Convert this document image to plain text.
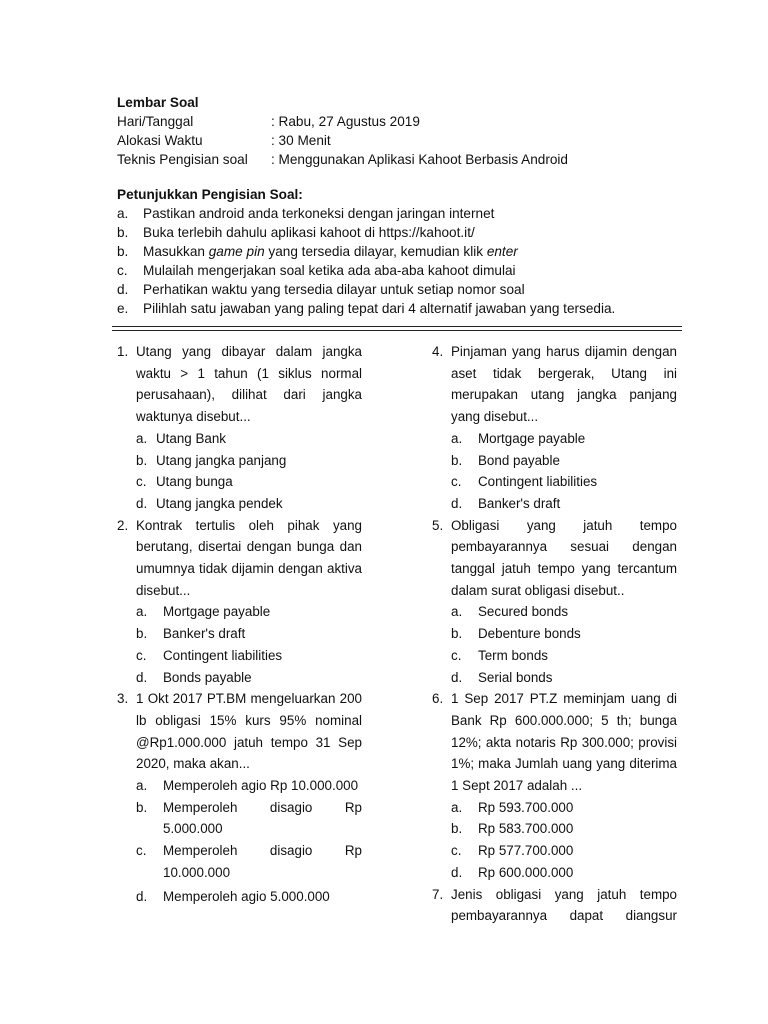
Lembar Soal
Hari/Tanggal	: Rabu, 27 Agustus 2019
Alokasi Waktu	: 30 Menit
Teknis Pengisian soal	: Menggunakan Aplikasi Kahoot Berbasis Android
Petunjukkan Pengisian Soal:
a.	Pastikan android anda terkoneksi dengan jaringan internet
b.	Buka terlebih dahulu aplikasi kahoot di https://kahoot.it/
b.	Masukkan game pin yang tersedia dilayar, kemudian klik enter
c.	Mulailah mengerjakan soal ketika ada aba-aba kahoot dimulai
d.	Perhatikan waktu yang tersedia dilayar untuk setiap nomor soal
e.	Pilihlah satu jawaban yang paling tepat dari 4 alternatif jawaban yang tersedia.
1. Utang yang dibayar dalam jangka waktu > 1 tahun (1 siklus normal perusahaan), dilihat dari jangka waktunya disebut...
a. Utang Bank
b. Utang jangka panjang
c. Utang bunga
d. Utang jangka pendek
2. Kontrak tertulis oleh pihak yang berutang, disertai dengan bunga dan umumnya tidak dijamin dengan aktiva disebut...
a.	Mortgage payable
b.	Banker's draft
c.	Contingent liabilities
d.	Bonds payable
3. 1 Okt 2017 PT.BM mengeluarkan 200 lb obligasi 15% kurs 95% nominal @Rp1.000.000 jatuh tempo 31 Sep 2020, maka akan...
a.	Memperoleh agio Rp 10.000.000
b.	Memperoleh disagio Rp 5.000.000
c.	Memperoleh disagio Rp 10.000.000
d.	Memperoleh agio 5.000.000
4. Pinjaman yang harus dijamin dengan aset tidak bergerak, Utang ini merupakan utang jangka panjang yang disebut...
a.	Mortgage payable
b.	Bond payable
c.	Contingent liabilities
d.	Banker's draft
5. Obligasi yang jatuh tempo pembayarannya sesuai dengan tanggal jatuh tempo yang tercantum dalam surat obligasi disebut..
a.	Secured bonds
b.	Debenture bonds
c.	Term bonds
d.	Serial bonds
6. 1 Sep 2017 PT.Z meminjam uang di Bank Rp 600.000.000; 5 th; bunga 12%; akta notaris Rp 300.000; provisi 1%; maka Jumlah uang yang diterima 1 Sept 2017 adalah ...
a.	Rp 593.700.000
b.	Rp 583.700.000
c.	Rp 577.700.000
d.	Rp 600.000.000
7. Jenis obligasi yang jatuh tempo pembayarannya dapat diangsur
